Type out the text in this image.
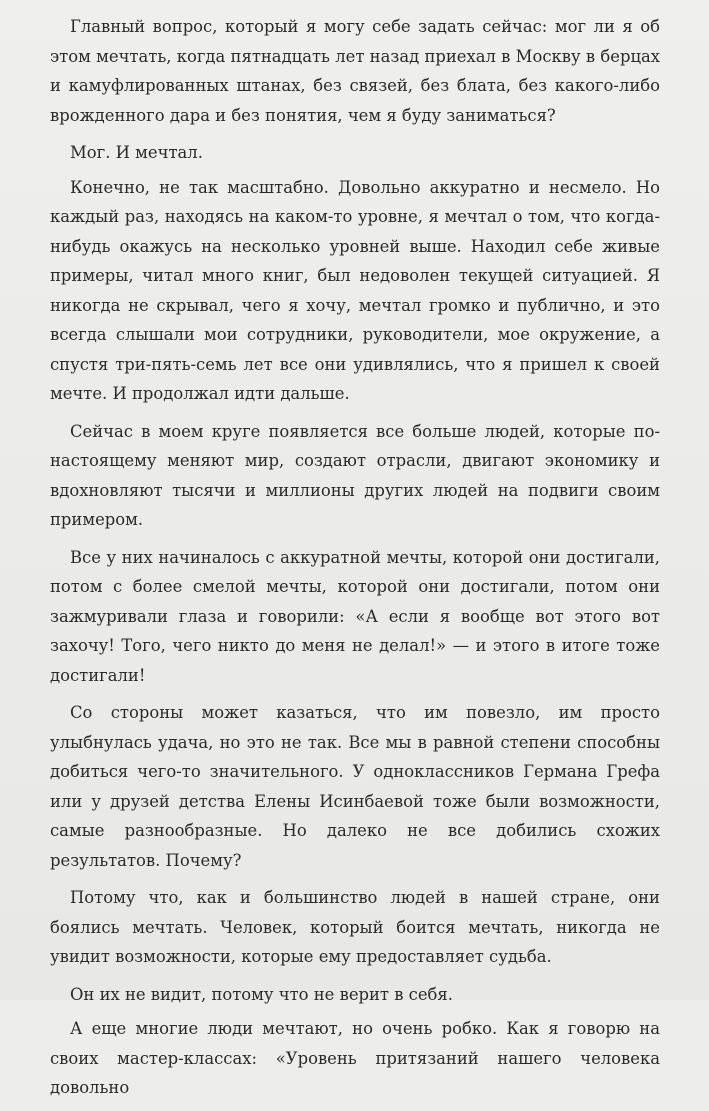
Главный вопрос, который я могу себе задать сейчас: мог ли я об этом мечтать, когда пятнадцать лет назад приехал в Москву в берцах и камуфлированных штанах, без связей, без блата, без какого-либо врожденного дара и без понятия, чем я буду заниматься?

Мог. И мечтал.

Конечно, не так масштабно. Довольно аккуратно и несмело. Но каждый раз, находясь на каком-то уровне, я мечтал о том, что когда-нибудь окажусь на несколько уровней выше. Находил себе живые примеры, читал много книг, был недоволен текущей ситуацией. Я никогда не скрывал, чего я хочу, мечтал громко и публично, и это всегда слышали мои сотрудники, руководители, мое окружение, а спустя три-пять-семь лет все они удивлялись, что я пришел к своей мечте. И продолжал идти дальше.

Сейчас в моем круге появляется все больше людей, которые по-настоящему меняют мир, создают отрасли, двигают экономику и вдохновляют тысячи и миллионы других людей на подвиги своим примером.

Все у них начиналось с аккуратной мечты, которой они достигали, потом с более смелой мечты, которой они достигали, потом они зажмуривали глаза и говорили: «А если я вообще вот этого вот захочу! Того, чего никто до меня не делал!» — и этого в итоге тоже достигали!

Со стороны может казаться, что им повезло, им просто улыбнулась удача, но это не так. Все мы в равной степени способны добиться чего-то значительного. У одноклассников Германа Грефа или у друзей детства Елены Исинбаевой тоже были возможности, самые разнообразные. Но далеко не все добились схожих результатов. Почему?

Потому что, как и большинство людей в нашей стране, они боялись мечтать. Человек, который боится мечтать, никогда не увидит возможности, которые ему предоставляет судьба.

Он их не видит, потому что не верит в себя.

А еще многие люди мечтают, но очень робко. Как я говорю на своих мастер-классах: «Уровень притязаний нашего человека довольно
